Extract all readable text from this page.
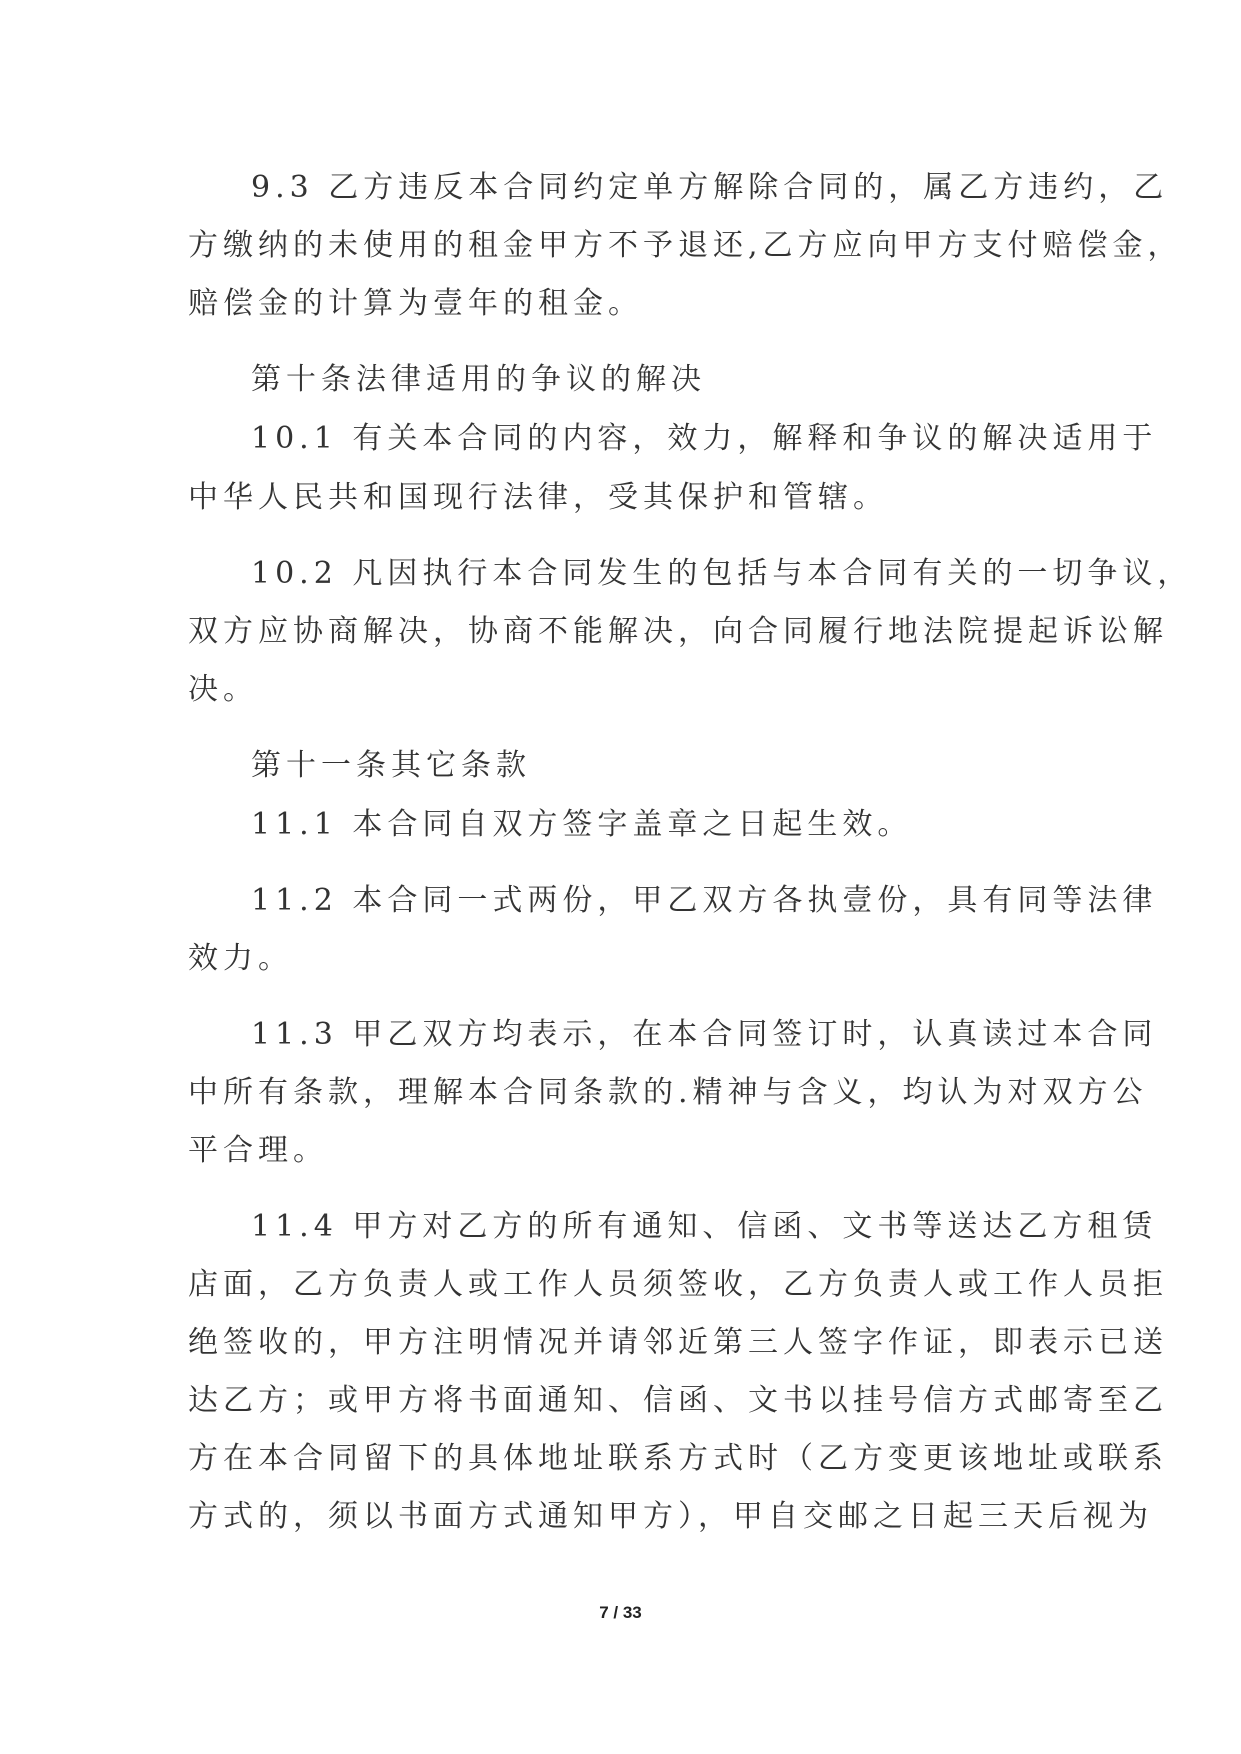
9.3 乙方违反本合同约定单方解除合同的，属乙方违约，乙
方缴纳的未使用的租金甲方不予退还,乙方应向甲方支付赔偿金，
赔偿金的计算为壹年的租金。
第十条法律适用的争议的解决
10.1 有关本合同的内容，效力，解释和争议的解决适用于
中华人民共和国现行法律，受其保护和管辖。
10.2 凡因执行本合同发生的包括与本合同有关的一切争议，
双方应协商解决，协商不能解决，向合同履行地法院提起诉讼解
决。
第十一条其它条款
11.1 本合同自双方签字盖章之日起生效。
11.2 本合同一式两份，甲乙双方各执壹份，具有同等法律
效力。
11.3 甲乙双方均表示，在本合同签订时，认真读过本合同
中所有条款，理解本合同条款的.精神与含义，均认为对双方公
平合理。
11.4 甲方对乙方的所有通知、信函、文书等送达乙方租赁
店面，乙方负责人或工作人员须签收，乙方负责人或工作人员拒
绝签收的，甲方注明情况并请邻近第三人签字作证，即表示已送
达乙方；或甲方将书面通知、信函、文书以挂号信方式邮寄至乙
方在本合同留下的具体地址联系方式时（乙方变更该地址或联系
方式的，须以书面方式通知甲方），甲自交邮之日起三天后视为
7 / 33
